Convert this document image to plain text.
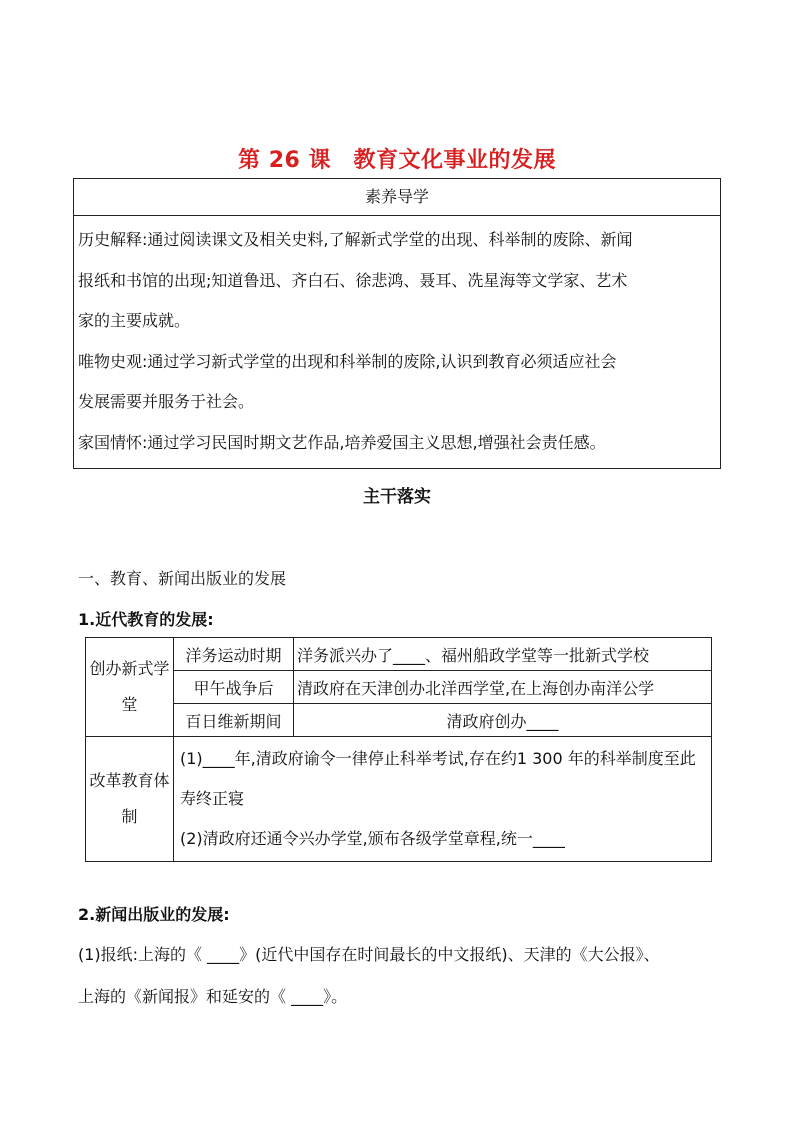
第 26 课　教育文化事业的发展
素养导学

历史解释:通过阅读课文及相关史料,了解新式学堂的出现、科举制的废除、新闻

报纸和书馆的出现;知道鲁迅、齐白石、徐悲鸿、聂耳、冼星海等文学家、艺术

家的主要成就。

唯物史观:通过学习新式学堂的出现和科举制的废除,认识到教育必须适应社会

发展需要并服务于社会。

家国情怀:通过学习民国时期文艺作品,培养爱国主义思想,增强社会责任感。

主干落实
一、教育、新闻出版业的发展
1.近代教育的发展:
创办新式学堂	洋务运动时期	洋务派兴办了____、福州船政学堂等一批新式学校
	甲午战争后	清政府在天津创办北洋西学堂,在上海创办南洋公学
	百日维新期间	清政府创办____
改革教育体制	(1)____年,清政府谕令一律停止科举考试,存在约1 300 年的科举制度至此寿终正寝
(2)清政府还通令兴办学堂,颁布各级学堂章程,统一____	
2.新闻出版业的发展:

(1)报纸:上海的《 ____》(近代中国存在时间最长的中文报纸)、天津的《大公报》、

上海的《新闻报》和延安的《 ____》。
